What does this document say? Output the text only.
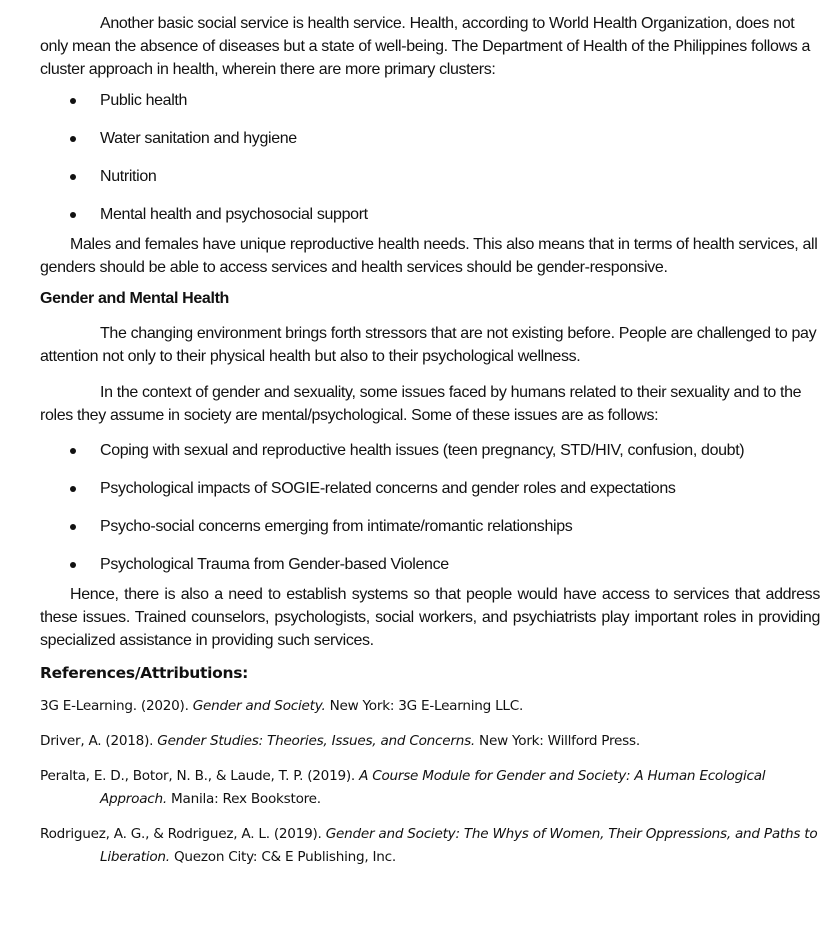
Another basic social service is health service. Health, according to World Health Organization, does not only mean the absence of diseases but a state of well-being. The Department of Health of the Philippines follows a cluster approach in health, wherein there are more primary clusters:

Public health
Water sanitation and hygiene
Nutrition
Mental health and psychosocial support

Males and females have unique reproductive health needs. This also means that in terms of health services, all genders should be able to access services and health services should be gender-responsive.

Gender and Mental Health

The changing environment brings forth stressors that are not existing before. People are challenged to pay attention not only to their physical health but also to their psychological wellness.

In the context of gender and sexuality, some issues faced by humans related to their sexuality and to the roles they assume in society are mental/psychological. Some of these issues are as follows:

Coping with sexual and reproductive health issues (teen pregnancy, STD/HIV, confusion, doubt)
Psychological impacts of SOGIE-related concerns and gender roles and expectations
Psycho-social concerns emerging from intimate/romantic relationships
Psychological Trauma from Gender-based Violence

Hence, there is also a need to establish systems so that people would have access to services that address these issues. Trained counselors, psychologists, social workers, and psychiatrists play important roles in providing specialized assistance in providing such services.

References/Attributions:
3G E-Learning. (2020). Gender and Society. New York: 3G E-Learning LLC.
Driver, A. (2018). Gender Studies: Theories, Issues, and Concerns. New York: Willford Press.
Peralta, E. D., Botor, N. B., & Laude, T. P. (2019). A Course Module for Gender and Society: A Human Ecological Approach. Manila: Rex Bookstore.
Rodriguez, A. G., & Rodriguez, A. L. (2019). Gender and Society: The Whys of Women, Their Oppressions, and Paths to Liberation. Quezon City: C& E Publishing, Inc.
